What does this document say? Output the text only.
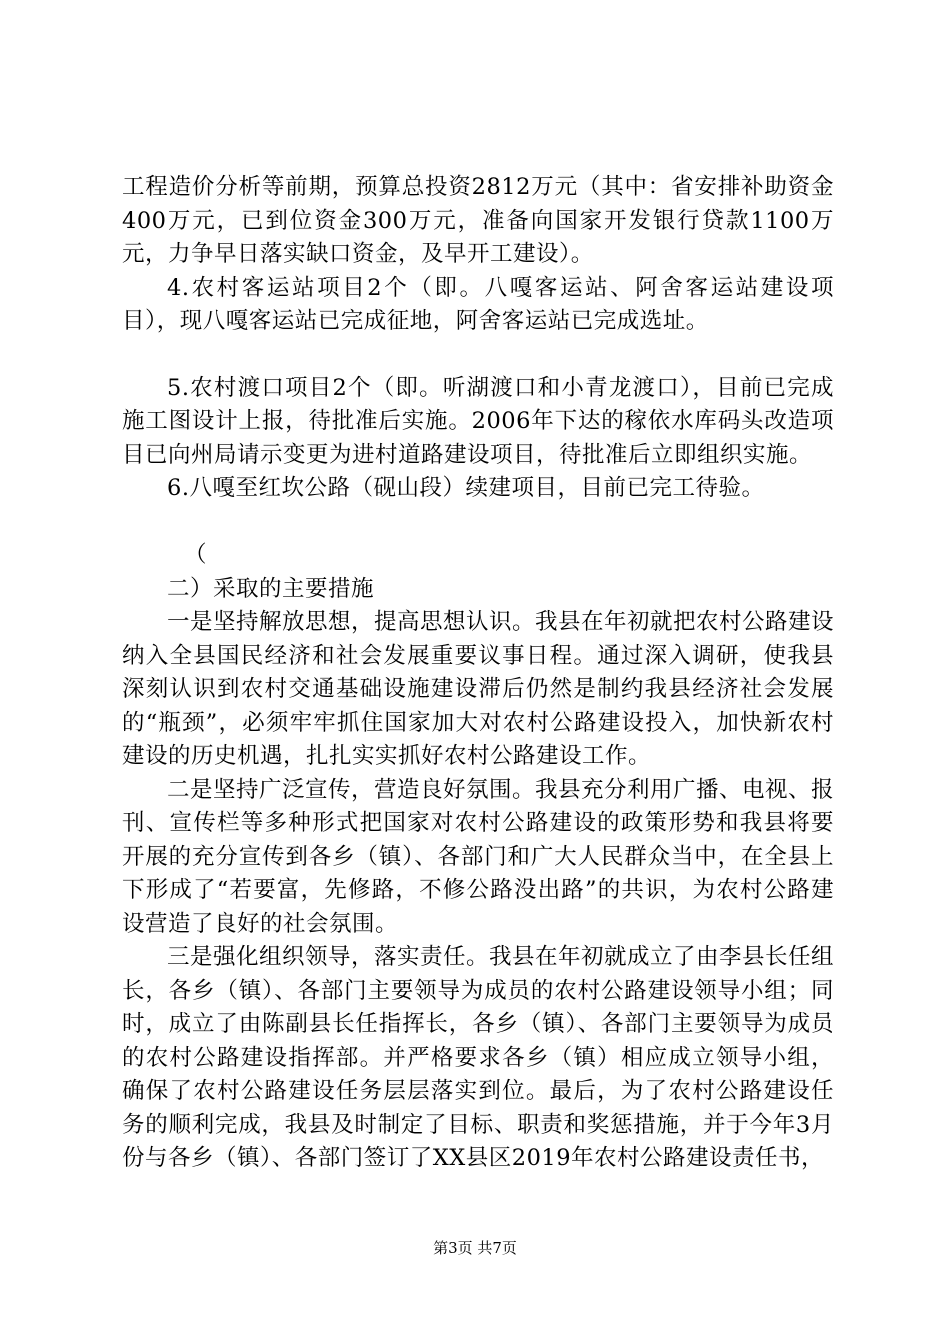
工程造价分析等前期，预算总投资2812万元（其中：省安排补助资金400万元，已到位资金300万元，准备向国家开发银行贷款1100万元，力争早日落实缺口资金，及早开工建设）。

4.农村客运站项目2个（即。八嘎客运站、阿舍客运站建设项目），现八嘎客运站已完成征地，阿舍客运站已完成选址。

5.农村渡口项目2个（即。听湖渡口和小青龙渡口），目前已完成施工图设计上报，待批准后实施。2006年下达的稼依水库码头改造项目已向州局请示变更为进村道路建设项目，待批准后立即组织实施。

6.八嘎至红坎公路（砚山段）续建项目，目前已完工待验。

（

二）采取的主要措施

一是坚持解放思想，提高思想认识。我县在年初就把农村公路建设纳入全县国民经济和社会发展重要议事日程。通过深入调研，使我县深刻认识到农村交通基础设施建设滞后仍然是制约我县经济社会发展的“瓶颈”，必须牢牢抓住国家加大对农村公路建设投入，加快新农村建设的历史机遇，扎扎实实抓好农村公路建设工作。

二是坚持广泛宣传，营造良好氛围。我县充分利用广播、电视、报刊、宣传栏等多种形式把国家对农村公路建设的政策形势和我县将要开展的充分宣传到各乡（镇）、各部门和广大人民群众当中，在全县上下形成了“若要富，先修路，不修公路没出路”的共识，为农村公路建设营造了良好的社会氛围。

三是强化组织领导，落实责任。我县在年初就成立了由李县长任组长，各乡（镇）、各部门主要领导为成员的农村公路建设领导小组；同时，成立了由陈副县长任指挥长，各乡（镇）、各部门主要领导为成员的农村公路建设指挥部。并严格要求各乡（镇）相应成立领导小组，确保了农村公路建设任务层层落实到位。最后，为了农村公路建设任务的顺利完成，我县及时制定了目标、职责和奖惩措施，并于今年3月份与各乡（镇）、各部门签订了XX县区2019年农村公路建设责任书，

第3页 共7页
